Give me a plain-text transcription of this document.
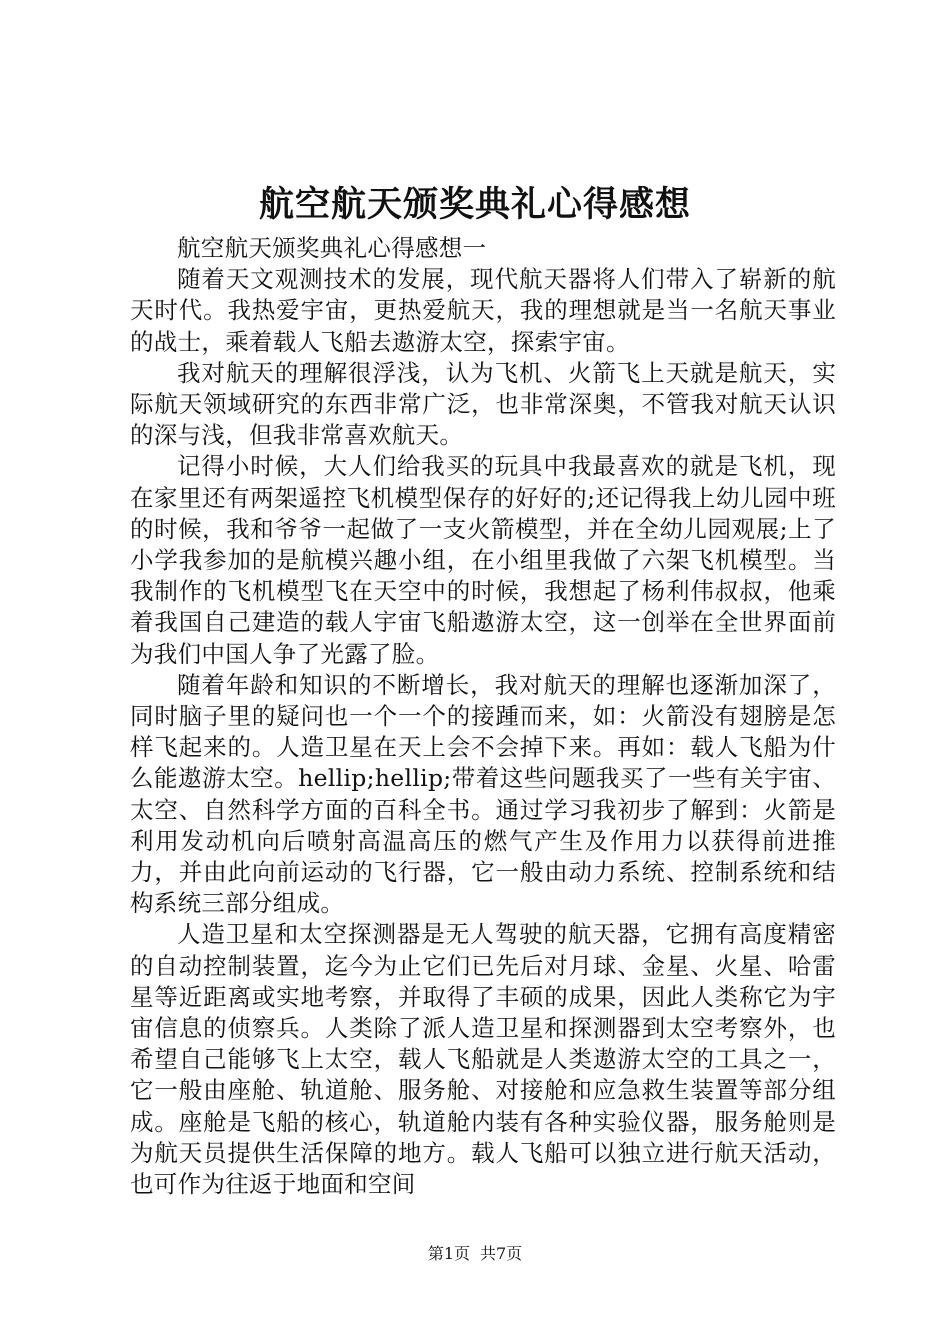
航空航天颁奖典礼心得感想

航空航天颁奖典礼心得感想一

随着天文观测技术的发展，现代航天器将人们带入了崭新的航天时代。我热爱宇宙，更热爱航天，我的理想就是当一名航天事业的战士，乘着载人飞船去遨游太空，探索宇宙。

我对航天的理解很浮浅，认为飞机、火箭飞上天就是航天，实际航天领域研究的东西非常广泛，也非常深奥，不管我对航天认识的深与浅，但我非常喜欢航天。

记得小时候，大人们给我买的玩具中我最喜欢的就是飞机，现在家里还有两架遥控飞机模型保存的好好的;还记得我上幼儿园中班的时候，我和爷爷一起做了一支火箭模型，并在全幼儿园观展;上了小学我参加的是航模兴趣小组，在小组里我做了六架飞机模型。当我制作的飞机模型飞在天空中的时候，我想起了杨利伟叔叔，他乘着我国自己建造的载人宇宙飞船遨游太空，这一创举在全世界面前为我们中国人争了光露了脸。

随着年龄和知识的不断增长，我对航天的理解也逐渐加深了，同时脑子里的疑问也一个一个的接踵而来，如：火箭没有翅膀是怎样飞起来的。人造卫星在天上会不会掉下来。再如：载人飞船为什么能遨游太空。hellip;hellip;带着这些问题我买了一些有关宇宙、太空、自然科学方面的百科全书。通过学习我初步了解到：火箭是利用发动机向后喷射高温高压的燃气产生及作用力以获得前进推力，并由此向前运动的飞行器，它一般由动力系统、控制系统和结构系统三部分组成。

人造卫星和太空探测器是无人驾驶的航天器，它拥有高度精密的自动控制装置，迄今为止它们已先后对月球、金星、火星、哈雷星等近距离或实地考察，并取得了丰硕的成果，因此人类称它为宇宙信息的侦察兵。人类除了派人造卫星和探测器到太空考察外，也希望自己能够飞上太空，载人飞船就是人类遨游太空的工具之一，它一般由座舱、轨道舱、服务舱、对接舱和应急救生装置等部分组成。座舱是飞船的核心，轨道舱内装有各种实验仪器，服务舱则是为航天员提供生活保障的地方。载人飞船可以独立进行航天活动，也可作为往返于地面和空间

第1页 共7页
